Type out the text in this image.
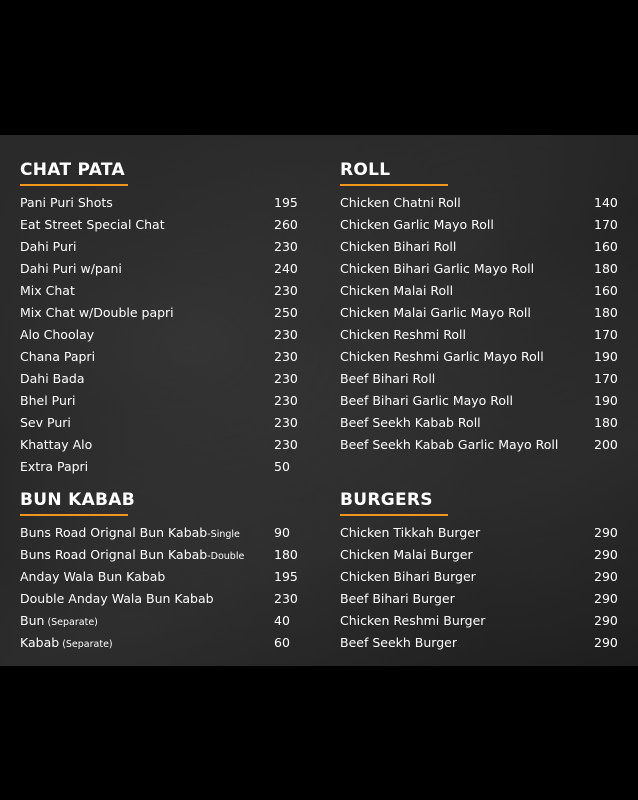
CHAT PATA
Pani Puri Shots	195
Eat Street Special Chat	260
Dahi Puri	230
Dahi Puri w/pani	240
Mix Chat	230
Mix Chat w/Double papri	250
Alo Choolay	230
Chana Papri	230
Dahi Bada	230
Bhel Puri	230
Sev Puri	230
Khattay Alo	230
Extra Papri	50
ROLL
Chicken Chatni Roll	140
Chicken Garlic Mayo Roll	170
Chicken Bihari Roll	160
Chicken Bihari Garlic Mayo Roll	180
Chicken Malai Roll	160
Chicken Malai Garlic Mayo Roll	180
Chicken Reshmi Roll	170
Chicken Reshmi Garlic Mayo Roll	190
Beef Bihari Roll	170
Beef Bihari Garlic Mayo Roll	190
Beef Seekh Kabab Roll	180
Beef Seekh Kabab Garlic Mayo Roll	200
BUN KABAB
Buns Road Orignal Bun Kabab-Single	90
Buns Road Orignal Bun Kabab-Double 180
Anday Wala Bun Kabab	195
Double Anday Wala Bun Kabab	230
Bun (Separate)	40
Kabab (Separate)	60
BURGERS
Chicken Tikkah Burger	290
Chicken Malai Burger	290
Chicken Bihari Burger	290
Beef Bihari Burger	290
Chicken Reshmi Burger	290
Beef Seekh Burger	290
